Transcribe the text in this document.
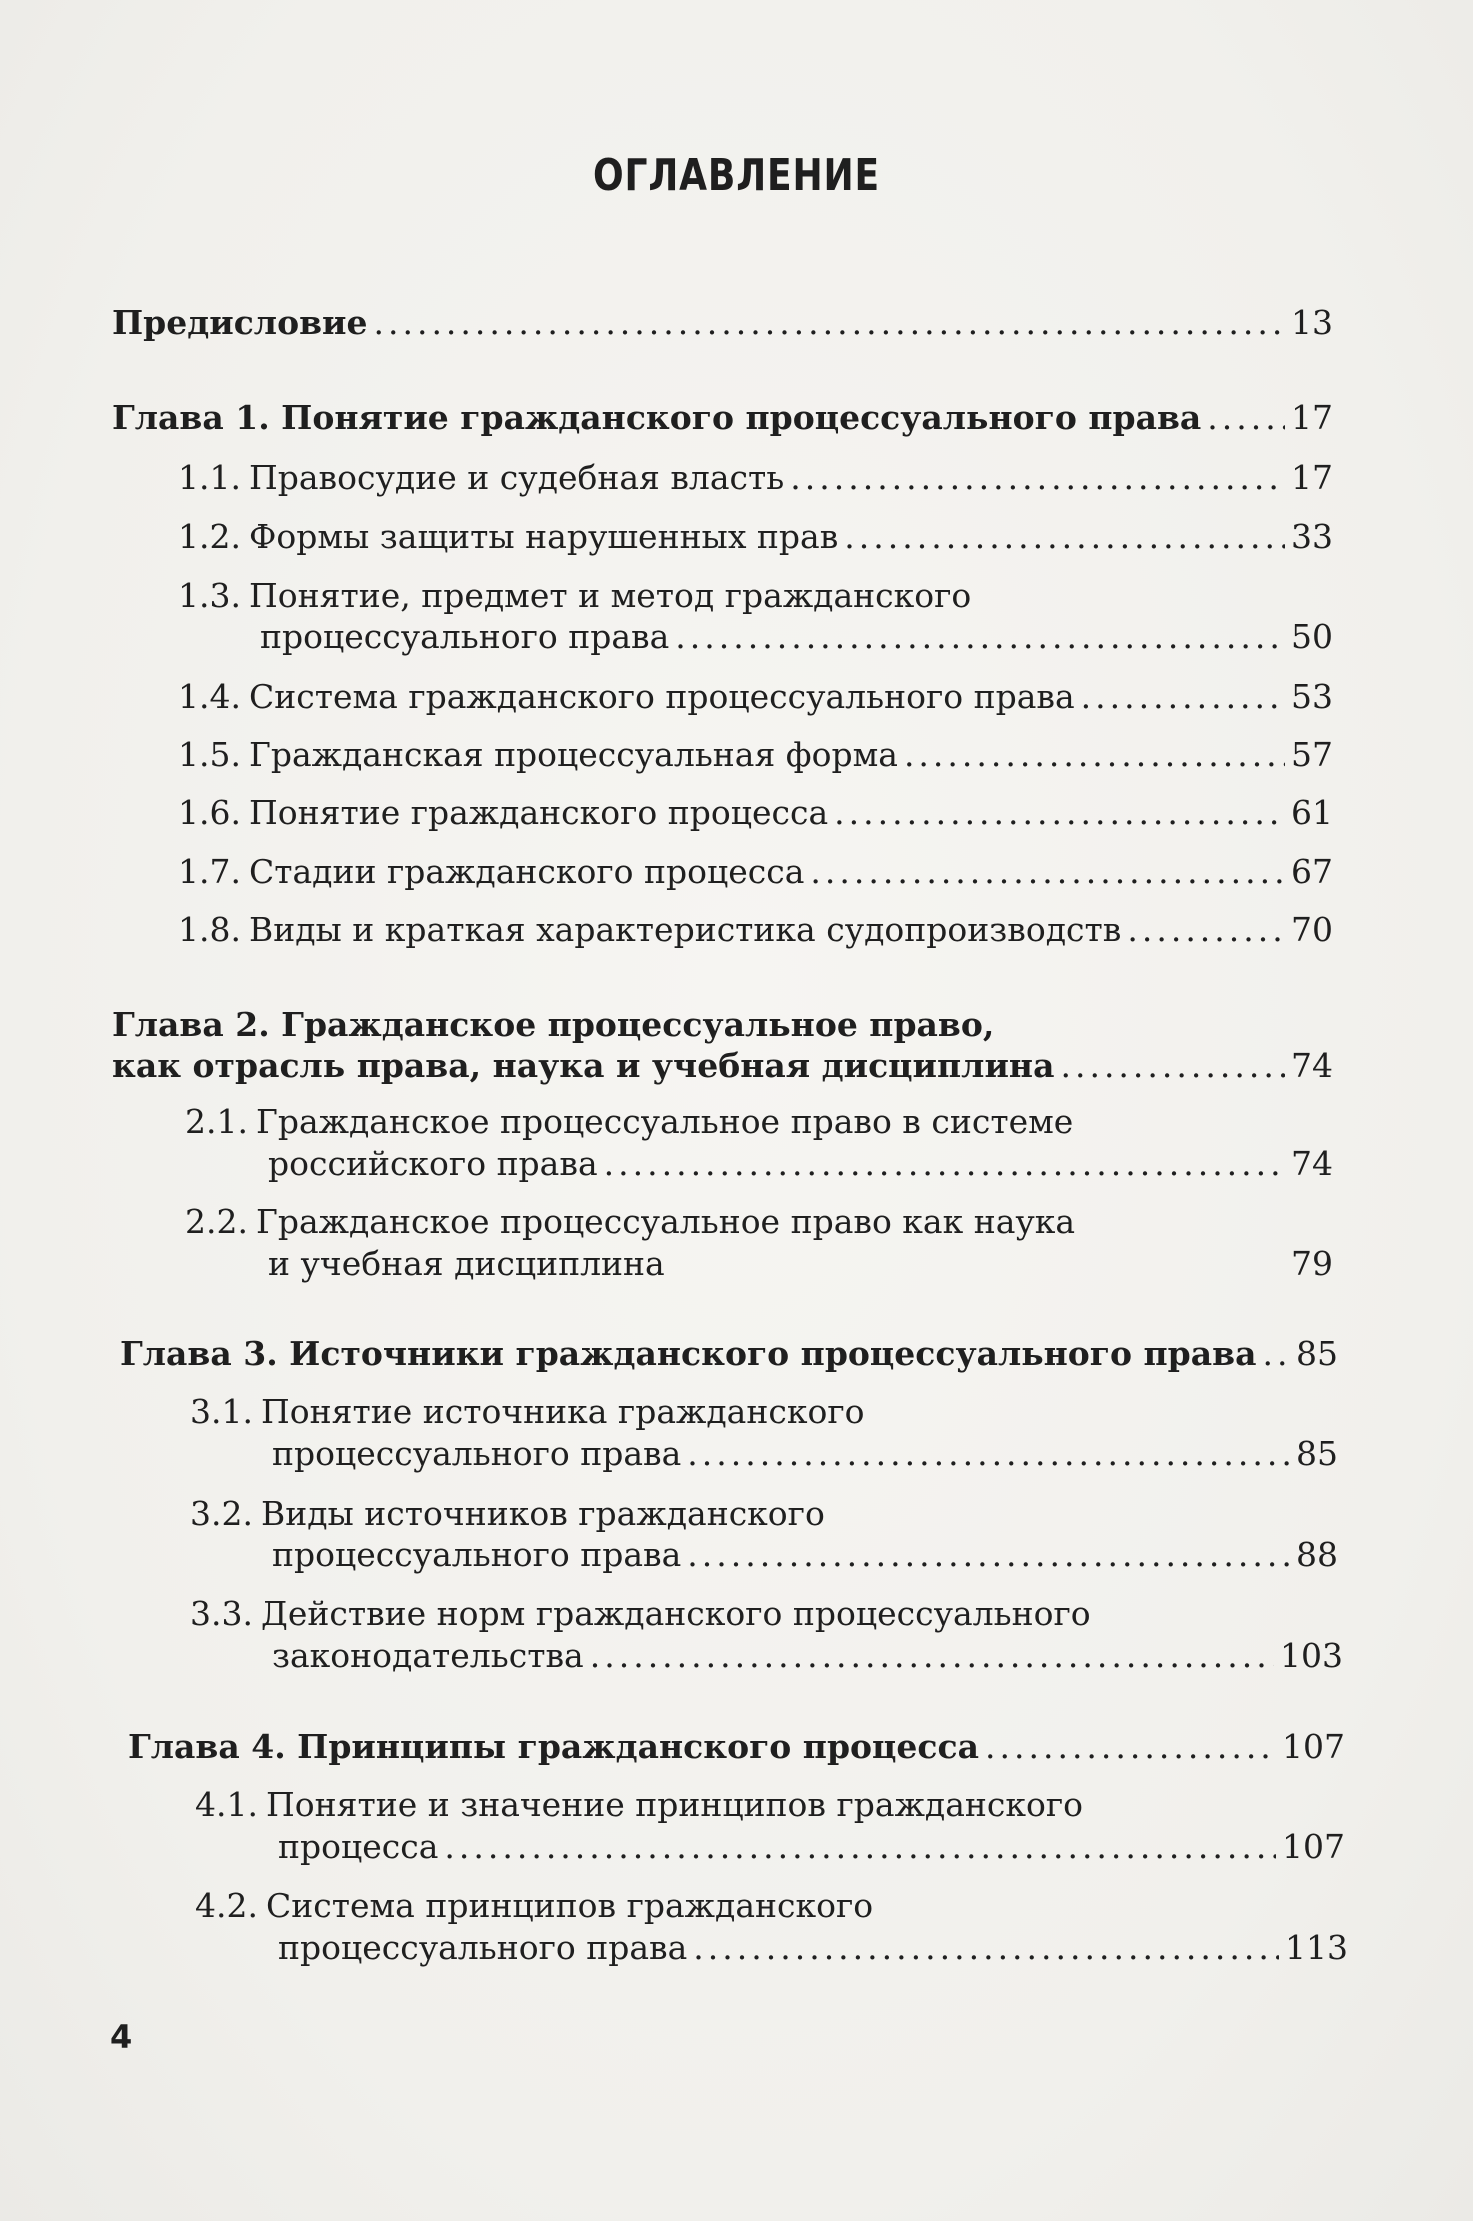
ОГЛАВЛЕНИЕ
Предисловие .....	13
Глава 1. Понятие гражданского процессуального права .....	17
1.1. Правосудие и судебная власть .....	17
1.2. Формы защиты нарушенных прав .....	33
1.3. Понятие, предмет и метод гражданского
процессуального права .....	50
1.4. Система гражданского процессуального права .....	53
1.5. Гражданская процессуальная форма .....	57
1.6. Понятие гражданского процесса .....	61
1.7. Стадии гражданского процесса .....	67
1.8. Виды и краткая характеристика судопроизводств .....	70
Глава 2. Гражданское процессуальное право,
как отрасль права, наука и учебная дисциплина .....	74
2.1. Гражданское процессуальное право в системе
российского права .....	74
2.2. Гражданское процессуальное право как наука
и учебная дисциплина	79
Глава 3. Источники гражданского процессуального права ..... 85
3.1. Понятие источника гражданского
процессуального права .....	85
3.2. Виды источников гражданского
процессуального права .....	88
3.3. Действие норм гражданского процессуального
законодательства .....	103
Глава 4. Принципы гражданского процесса .....	107
4.1. Понятие и значение принципов гражданского
процесса .....	107
4.2. Система принципов гражданского
процессуального права .....	113
4
